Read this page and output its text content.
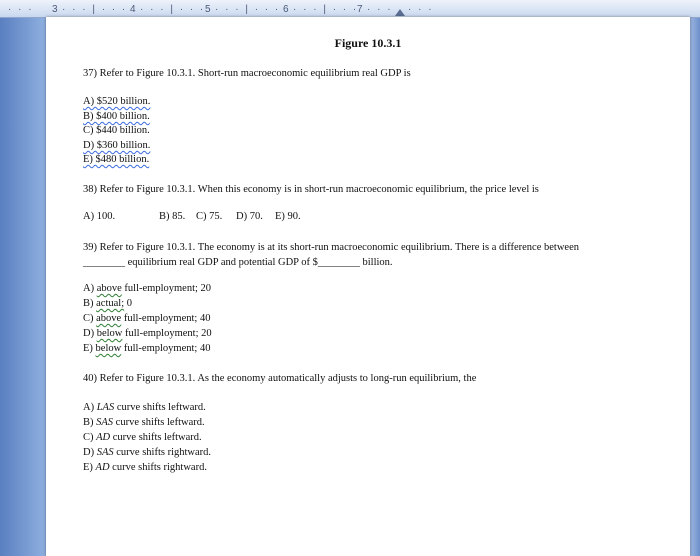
· · · 3 · · · | · · · 4 · · · | · · · 5 · · · | · · · 6 · · · | · · ·
7 · · · · · ·
Figure 10.3.1
37) Refer to Figure 10.3.1. Short-run macroeconomic equilibrium real GDP is
A) $520 billion.
B) $400 billion.
C) $440 billion.
D) $360 billion.
E) $480 billion.
38) Refer to Figure 10.3.1. When this economy is in short-run macroeconomic equilibrium, the price level is
A) 100.	B) 85. C) 75. D) 70. E) 90.
39) Refer to Figure 10.3.1. The economy is at its short-run macroeconomic equilibrium. There is a difference between
________ equilibrium real GDP and potential GDP of $________ billion.
A) above full-employment; 20
B) actual; 0
C) above full-employment; 40
D) below full-employment; 20
E) below full-employment; 40
40) Refer to Figure 10.3.1. As the economy automatically adjusts to long-run equilibrium, the
A) LAS curve shifts leftward.
B) SAS curve shifts leftward.
C) AD curve shifts leftward.
D) SAS curve shifts rightward.
E) AD curve shifts rightward.
